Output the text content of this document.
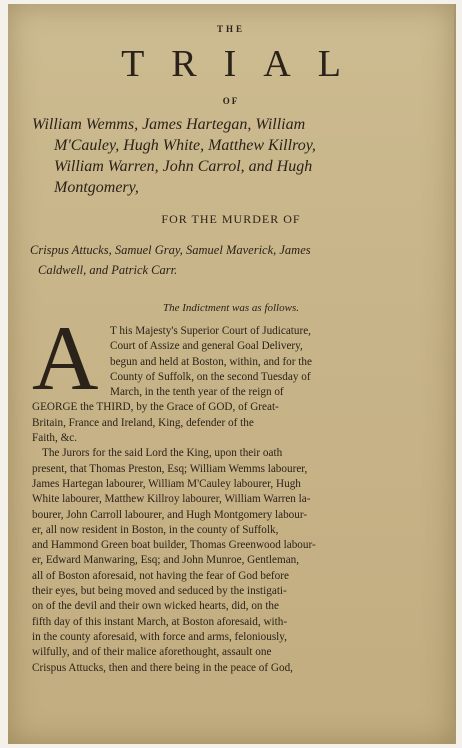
THE
TRIAL
OF
William Wemms, James Hartegan, William
M'Cauley, Hugh White, Matthew Killroy,
William Warren, John Carrol, and Hugh
Montgomery,
FOR THE MURDER OF
Crispus Attucks, Samuel Gray, Samuel Maverick, James
Caldwell, and Patrick Carr.
The Indictment was as follows.
A	T his Majesty's Superior Court of Judicature,
Court of Assize and general Goal Delivery,
begun and held at Boston, within, and for the
County of Suffolk, on the second Tuesday of
March, in the tenth year of the reign of
GEORGE the THIRD, by the Grace of GOD, of Great-
Britain, France and Ireland, King, defender of the
Faith, &c.
The Jurors for the said Lord the King, upon their oath
present, that Thomas Preston, Esq; William Wemms labourer,
James Hartegan labourer, William M'Cauley labourer, Hugh
White labourer, Matthew Killroy labourer, William Warren la-
bourer, John Carroll labourer, and Hugh Montgomery labour-
er, all now resident in Boston, in the county of Suffolk,
and Hammond Green boat builder, Thomas Greenwood labour-
er, Edward Manwaring, Esq; and John Munroe, Gentleman,
all of Boston aforesaid, not having the fear of God before
their eyes, but being moved and seduced by the instigati-
on of the devil and their own wicked hearts, did, on the
fifth day of this instant March, at Boston aforesaid, with-
in the county aforesaid, with force and arms, feloniously,
wilfully, and of their malice aforethought, assault one
Crispus Attucks, then and there being in the peace of God,
